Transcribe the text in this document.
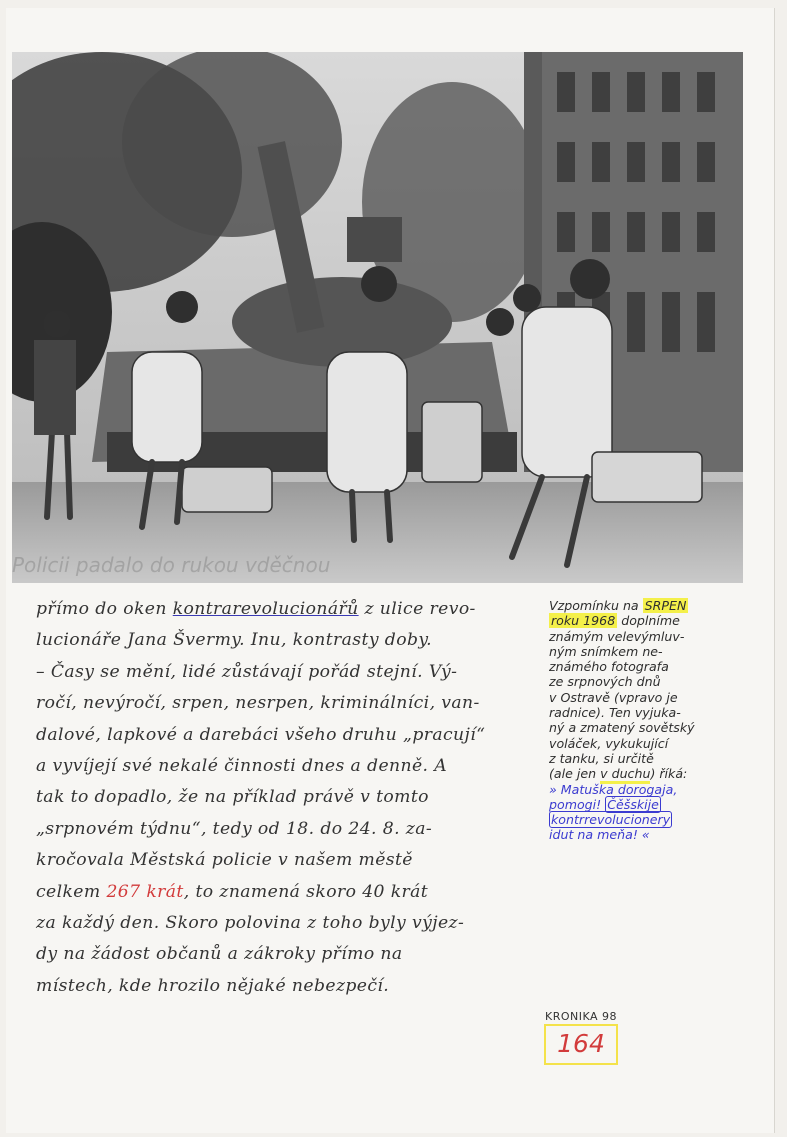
Policii padalo do rukou vděčnou
přímo do oken kontrarevolucionářů z ulice revo-
lucionáře Jana Švermy. Inu, kontrasty doby.
– Časy se mění, lidé zůstávají pořád stejní. Vý-
ročí, nevýročí, srpen, nesrpen, kriminálníci, van-
dalové, lapkové a darebáci všeho druhu „pracují“
a vyvíjejí své nekalé činnosti dnes a denně. A
tak to dopadlo, že na příklad právě v tomto
„srpnovém týdnu“, tedy od 18. do 24. 8. za-
kročovala Městská policie v našem městě
celkem 267 krát, to znamená skoro 40 krát
za každý den. Skoro polovina z toho byly výjez-
dy na žádost občanů a zákroky přímo na
místech, kde hrozilo nějaké nebezpečí.
Vzpomínku na SRPEN
roku 1968 doplníme
známým velevýmluv-
ným snímkem ne-
známého fotografa
ze srpnových dnů
v Ostravě (vpravo je
radnice). Ten vyjuka-
ný a zmatený sovětský
voláček, vykukující
z tanku, si určitě
(ale jen v duchu) říká:
» Matuška dorogaja,
pomogi! Čěšskije
kontrrevolucionery
idut na meňa! «
KRONIKA 98
164
